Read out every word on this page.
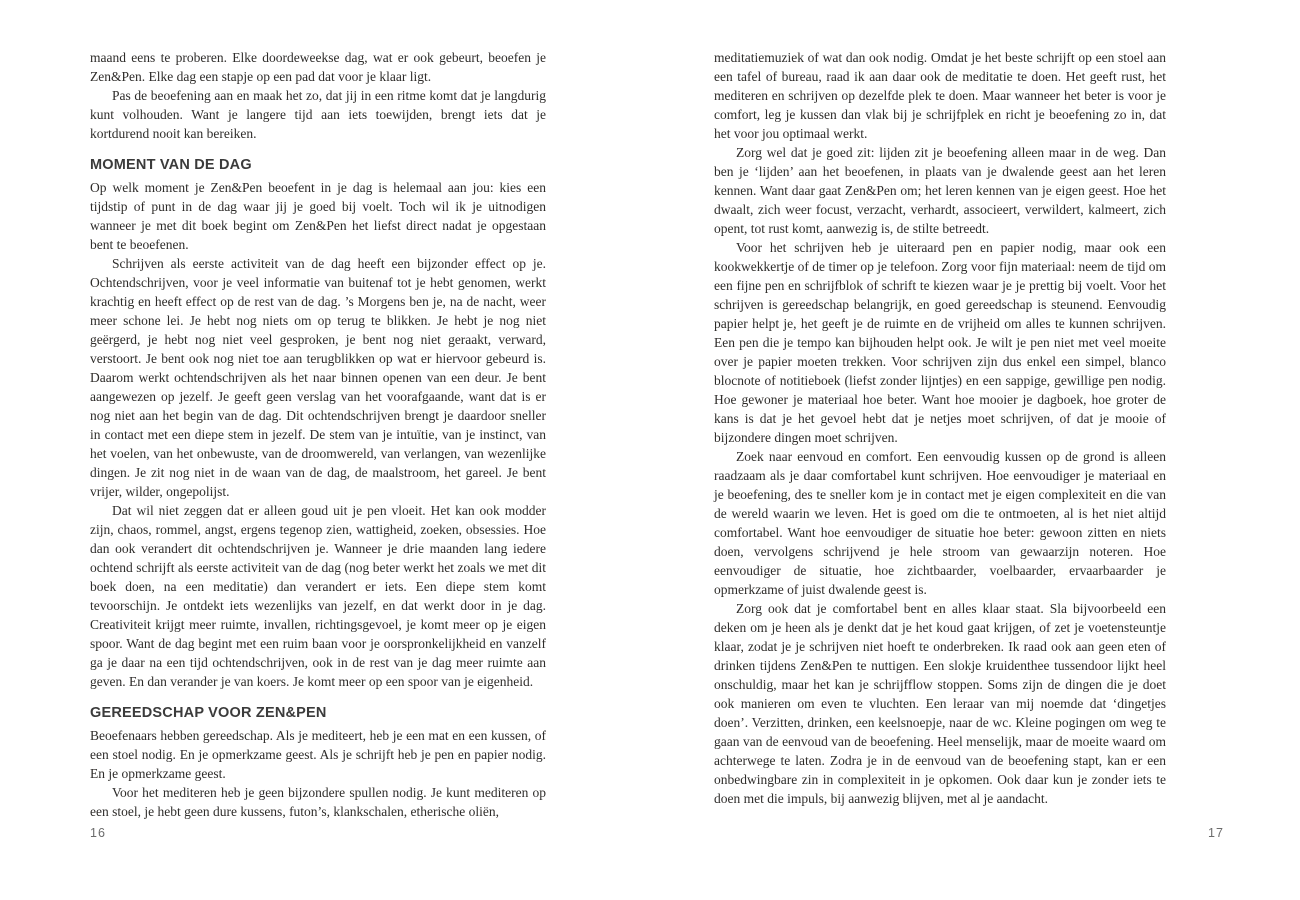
maand eens te proberen. Elke doordeweekse dag, wat er ook gebeurt, beoefen je Zen&Pen. Elke dag een stapje op een pad dat voor je klaar ligt.

Pas de beoefening aan en maak het zo, dat jij in een ritme komt dat je langdurig kunt volhouden. Want je langere tijd aan iets toewijden, brengt iets dat je kortdurend nooit kan bereiken.

MOMENT VAN DE DAG

Op welk moment je Zen&Pen beoefent in je dag is helemaal aan jou: kies een tijdstip of punt in de dag waar jij je goed bij voelt. Toch wil ik je uitnodigen wanneer je met dit boek begint om Zen&Pen het liefst direct nadat je opgestaan bent te beoefenen.

Schrijven als eerste activiteit van de dag heeft een bijzonder effect op je. Ochtendschrijven, voor je veel informatie van buitenaf tot je hebt genomen, werkt krachtig en heeft effect op de rest van de dag. ’s Morgens ben je, na de nacht, weer meer schone lei. Je hebt nog niets om op terug te blikken. Je hebt je nog niet geërgerd, je hebt nog niet veel gesproken, je bent nog niet geraakt, verward, verstoort. Je bent ook nog niet toe aan terugblikken op wat er hiervoor gebeurd is. Daarom werkt ochtendschrijven als het naar binnen openen van een deur. Je bent aangewezen op jezelf. Je geeft geen verslag van het voorafgaande, want dat is er nog niet aan het begin van de dag. Dit ochtendschrijven brengt je daardoor sneller in contact met een diepe stem in jezelf. De stem van je intuïtie, van je instinct, van het voelen, van het onbewuste, van de droomwereld, van verlangen, van wezenlijke dingen. Je zit nog niet in de waan van de dag, de maalstroom, het gareel. Je bent vrijer, wilder, ongepolijst.

Dat wil niet zeggen dat er alleen goud uit je pen vloeit. Het kan ook modder zijn, chaos, rommel, angst, ergens tegenop zien, wattigheid, zoeken, obsessies. Hoe dan ook verandert dit ochtendschrijven je. Wanneer je drie maanden lang iedere ochtend schrijft als eerste activiteit van de dag (nog beter werkt het zoals we met dit boek doen, na een meditatie) dan verandert er iets. Een diepe stem komt tevoorschijn. Je ontdekt iets wezenlijks van jezelf, en dat werkt door in je dag. Creativiteit krijgt meer ruimte, invallen, richtingsgevoel, je komt meer op je eigen spoor. Want de dag begint met een ruim baan voor je oorspronkelijkheid en vanzelf ga je daar na een tijd ochtendschrijven, ook in de rest van je dag meer ruimte aan geven. En dan verander je van koers. Je komt meer op een spoor van je eigenheid.

GEREEDSCHAP VOOR ZEN&PEN

Beoefenaars hebben gereedschap. Als je mediteert, heb je een mat en een kussen, of een stoel nodig. En je opmerkzame geest. Als je schrijft heb je pen en papier nodig. En je opmerkzame geest.

Voor het mediteren heb je geen bijzondere spullen nodig. Je kunt mediteren op een stoel, je hebt geen dure kussens, futon’s, klankschalen, etherische oliën,

meditatiemuziek of wat dan ook nodig. Omdat je het beste schrijft op een stoel aan een tafel of bureau, raad ik aan daar ook de meditatie te doen. Het geeft rust, het mediteren en schrijven op dezelfde plek te doen. Maar wanneer het beter is voor je comfort, leg je kussen dan vlak bij je schrijfplek en richt je beoefening zo in, dat het voor jou optimaal werkt.

Zorg wel dat je goed zit: lijden zit je beoefening alleen maar in de weg. Dan ben je ‘lijden’ aan het beoefenen, in plaats van je dwalende geest aan het leren kennen. Want daar gaat Zen&Pen om; het leren kennen van je eigen geest. Hoe het dwaalt, zich weer focust, verzacht, verhardt, associeert, verwildert, kalmeert, zich opent, tot rust komt, aanwezig is, de stilte betreedt.

Voor het schrijven heb je uiteraard pen en papier nodig, maar ook een kookwekkertje of de timer op je telefoon. Zorg voor fijn materiaal: neem de tijd om een fijne pen en schrijfblok of schrift te kiezen waar je je prettig bij voelt. Voor het schrijven is gereedschap belangrijk, en goed gereedschap is steunend. Eenvoudig papier helpt je, het geeft je de ruimte en de vrijheid om alles te kunnen schrijven. Een pen die je tempo kan bijhouden helpt ook. Je wilt je pen niet met veel moeite over je papier moeten trekken. Voor schrijven zijn dus enkel een simpel, blanco blocnote of notitieboek (liefst zonder lijntjes) en een sappige, gewillige pen nodig. Hoe gewoner je materiaal hoe beter. Want hoe mooier je dagboek, hoe groter de kans is dat je het gevoel hebt dat je netjes moet schrijven, of dat je mooie of bijzondere dingen moet schrijven.

Zoek naar eenvoud en comfort. Een eenvoudig kussen op de grond is alleen raadzaam als je daar comfortabel kunt schrijven. Hoe eenvoudiger je materiaal en je beoefening, des te sneller kom je in contact met je eigen complexiteit en die van de wereld waarin we leven. Het is goed om die te ontmoeten, al is het niet altijd comfortabel. Want hoe eenvoudiger de situatie hoe beter: gewoon zitten en niets doen, vervolgens schrijvend je hele stroom van gewaarzijn noteren. Hoe eenvoudiger de situatie, hoe zichtbaarder, voelbaarder, ervaarbaarder je opmerkzame of juist dwalende geest is.

Zorg ook dat je comfortabel bent en alles klaar staat. Sla bijvoorbeeld een deken om je heen als je denkt dat je het koud gaat krijgen, of zet je voetensteuntje klaar, zodat je je schrijven niet hoeft te onderbreken. Ik raad ook aan geen eten of drinken tijdens Zen&Pen te nuttigen. Een slokje kruidenthee tussendoor lijkt heel onschuldig, maar het kan je schrijfflow stoppen. Soms zijn de dingen die je doet ook manieren om even te vluchten. Een leraar van mij noemde dat ‘dingetjes doen’. Verzitten, drinken, een keelsnoepje, naar de wc. Kleine pogingen om weg te gaan van de eenvoud van de beoefening. Heel menselijk, maar de moeite waard om achterwege te laten. Zodra je in de eenvoud van de beoefening stapt, kan er een onbedwingbare zin in complexiteit in je opkomen. Ook daar kun je zonder iets te doen met die impuls, bij aanwezig blijven, met al je aandacht.

16	17
